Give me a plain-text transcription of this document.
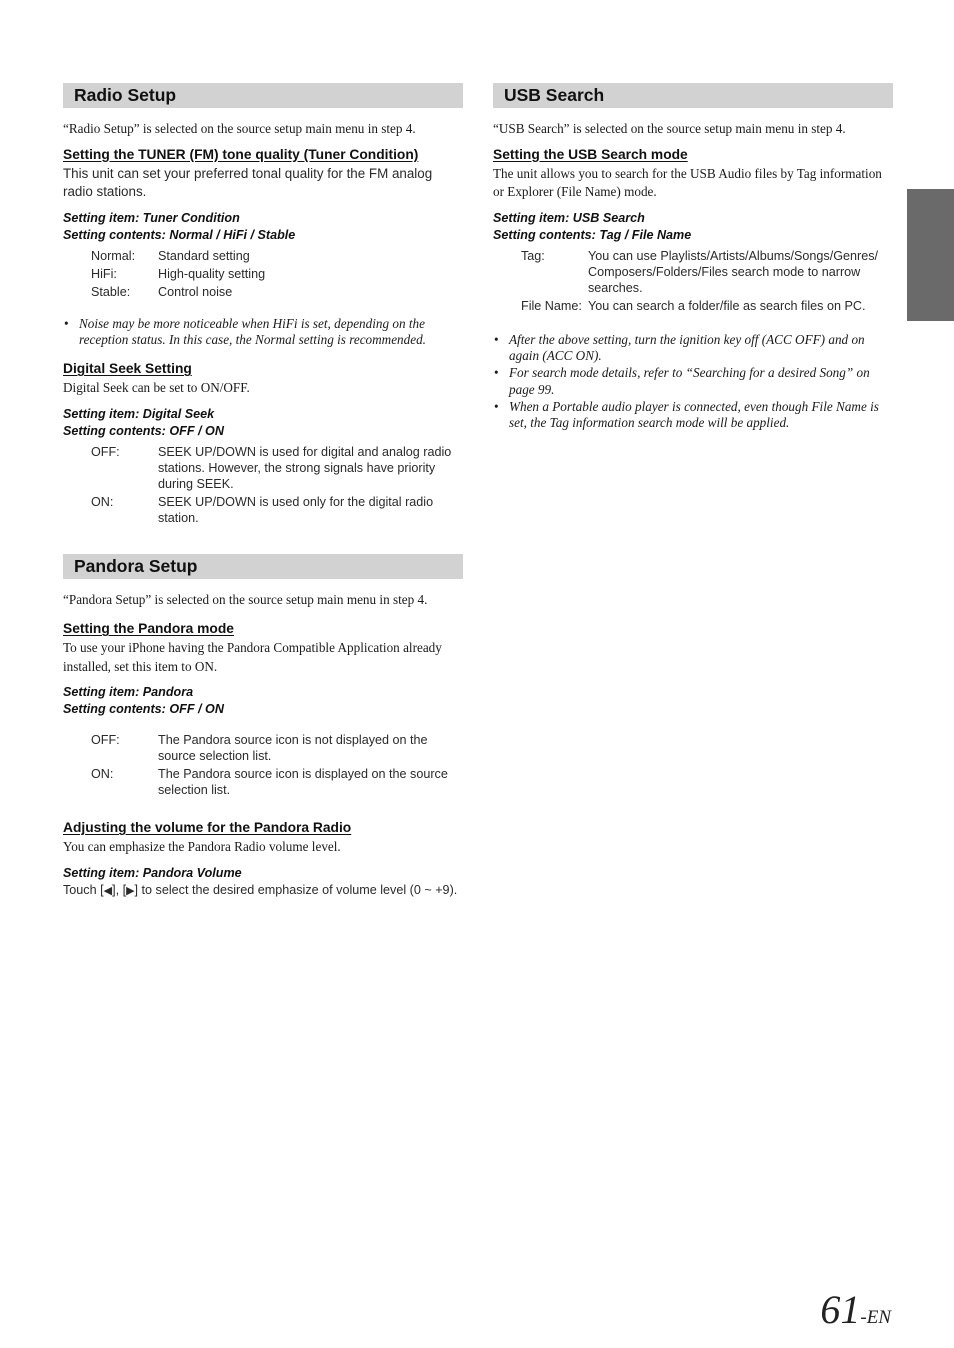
Radio Setup

“Radio Setup” is selected on the source setup main menu in step 4.

Setting the TUNER (FM) tone quality (Tuner Condition)

This unit can set your preferred tonal quality for the FM analog radio stations.

Setting item: Tuner Condition

Setting contents: Normal / HiFi / Stable

Normal:	Standard setting
HiFi:	High-quality setting
Stable:	Control noise
• Noise may be more noticeable when HiFi is set, depending on the reception status. In this case, the Normal setting is recommended.

Digital Seek Setting

Digital Seek can be set to ON/OFF.

Setting item: Digital Seek

Setting contents: OFF / ON

OFF:	SEEK UP/DOWN is used for digital and analog radio stations. However, the strong signals have priority during SEEK.
ON:	SEEK UP/DOWN is used only for the digital radio station.
Pandora Setup

“Pandora Setup” is selected on the source setup main menu in step 4.

Setting the Pandora mode

To use your iPhone having the Pandora Compatible Application already installed, set this item to ON.

Setting item: Pandora

Setting contents: OFF / ON

OFF:	The Pandora source icon is not displayed on the source selection list.
ON:	The Pandora source icon is displayed on the source selection list.

Adjusting the volume for the Pandora Radio

You can emphasize the Pandora Radio volume level.

Setting item: Pandora Volume

Touch [◀], [▶] to select the desired emphasize of volume level (0 ~ +9).

USB Search

“USB Search” is selected on the source setup main menu in step 4.

Setting the USB Search mode

The unit allows you to search for the USB Audio files by Tag information or Explorer (File Name) mode.

Setting item: USB Search

Setting contents: Tag / File Name

Tag:	You can use Playlists/Artists/Albums/Songs/Genres/ Composers/Folders/Files search mode to narrow searches.
File Name:	You can search a folder/file as search files on PC.
• After the above setting, turn the ignition key off (ACC OFF) and on again (ACC ON).
• For search mode details, refer to “Searching for a desired Song” on page 99.
• When a Portable audio player is connected, even though File Name is set, the Tag information search mode will be applied.
61-EN
